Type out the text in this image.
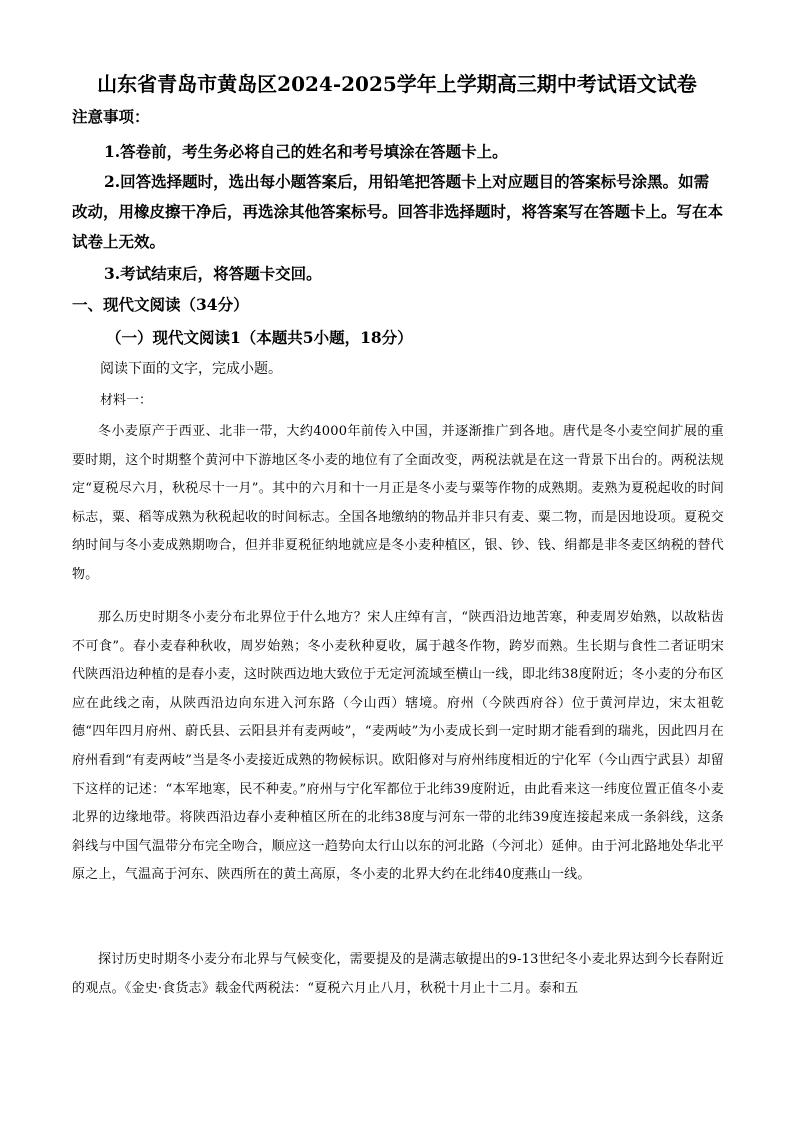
山东省青岛市黄岛区2024-2025学年上学期高三期中考试语文试卷
注意事项：

1.答卷前，考生务必将自己的姓名和考号填涂在答题卡上。

2.回答选择题时，选出每小题答案后，用铅笔把答题卡上对应题目的答案标号涂黑。如需改动，用橡皮擦干净后，再选涂其他答案标号。回答非选择题时，将答案写在答题卡上。写在本试卷上无效。

3.考试结束后，将答题卡交回。

一、现代文阅读（34分）
（一）现代文阅读1（本题共5小题，18分）
阅读下面的文字，完成小题。
材料一：

冬小麦原产于西亚、北非一带，大约4000年前传入中国，并逐渐推广到各地。唐代是冬小麦空间扩展的重要时期，这个时期整个黄河中下游地区冬小麦的地位有了全面改变，两税法就是在这一背景下出台的。两税法规定“夏税尽六月，秋税尽十一月”。其中的六月和十一月正是冬小麦与粟等作物的成熟期。麦熟为夏税起收的时间标志，粟、稻等成熟为秋税起收的时间标志。全国各地缴纳的物品并非只有麦、粟二物，而是因地设项。夏税交纳时间与冬小麦成熟期吻合，但并非夏税征纳地就应是冬小麦种植区，银、钞、钱、绢都是非冬麦区纳税的替代物。

那么历史时期冬小麦分布北界位于什么地方？宋人庄绰有言，“陕西沿边地苦寒，种麦周岁始熟，以故粘齿不可食”。春小麦春种秋收，周岁始熟；冬小麦秋种夏收，属于越冬作物，跨岁而熟。生长期与食性二者证明宋代陕西沿边种植的是春小麦，这时陕西边地大致位于无定河流域至横山一线，即北纬38度附近；冬小麦的分布区应在此线之南，从陕西沿边向东进入河东路（今山西）辖境。府州（今陕西府谷）位于黄河岸边，宋太祖乾德“四年四月府州、蔚氏县、云阳县并有麦两岐”，“麦两岐”为小麦成长到一定时期才能看到的瑞兆，因此四月在府州看到“有麦两岐”当是冬小麦接近成熟的物候标识。欧阳修对与府州纬度相近的宁化军（今山西宁武县）却留下这样的记述：“本军地寒，民不种麦。”府州与宁化军都位于北纬39度附近，由此看来这一纬度位置正值冬小麦北界的边缘地带。将陕西沿边春小麦种植区所在的北纬38度与河东一带的北纬39度连接起来成一条斜线，这条斜线与中国气温带分布完全吻合，顺应这一趋势向太行山以东的河北路（今河北）延伸。由于河北路地处华北平原之上，气温高于河东、陕西所在的黄土高原，冬小麦的北界大约在北纬40度燕山一线。

探讨历史时期冬小麦分布北界与气候变化，需要提及的是满志敏提出的9-13世纪冬小麦北界达到今长春附近的观点。《金史·食货志》载金代两税法：“夏税六月止八月，秋税十月止十二月。泰和五
